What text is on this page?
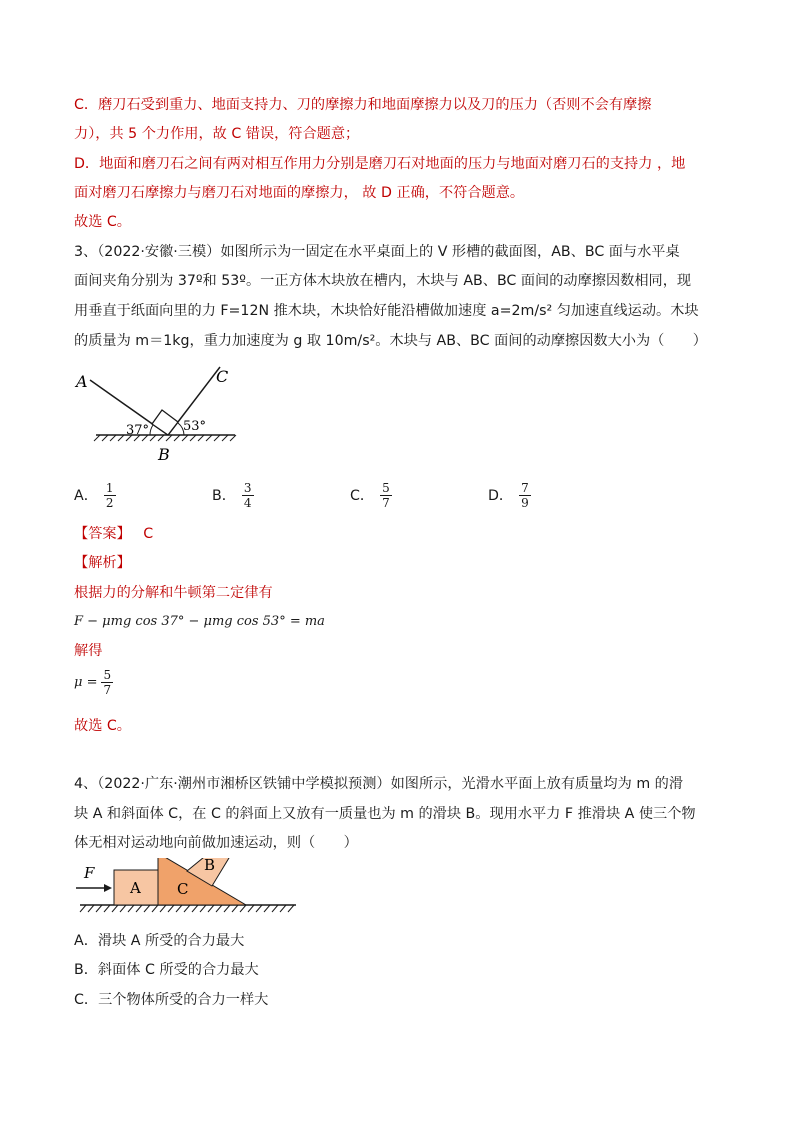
C．磨刀石受到重力、地面支持力、刀的摩擦力和地面摩擦力以及刀的压力（否则不会有摩擦
力），共 5 个力作用，故 C 错误，符合题意；
D．地面和磨刀石之间有两对相互作用力分别是磨刀石对地面的压力与地面对磨刀石的支持力 ，地
面对磨刀石摩擦力与磨刀石对地面的摩擦力， 故 D 正确，不符合题意。
故选 C。
3、（2022·安徽·三模）如图所示为一固定在水平桌面上的 V 形槽的截面图，AB、BC 面与水平桌
面间夹角分别为 37º和 53º。一正方体木块放在槽内，木块与 AB、BC 面间的动摩擦因数相同，现
用垂直于纸面向里的力 F=12N 推木块，木块恰好能沿槽做加速度 a=2m/s² 匀加速直线运动。木块
的质量为 m＝1kg，重力加速度为 g 取 10m/s²。木块与 AB、BC 面间的动摩擦因数大小为（　　）
A	C
B
37°	53°
A． $\frac{1}{2}$	B． $\frac{3}{4}$	C． $\frac{5}{7}$	D． $\frac{7}{9}$
【答案】 C
【解析】
根据力的分解和牛顿第二定律有
F − μmg cos 37° − μmg cos 53° = ma
解得
$\mu = \frac{5}{7}$
故选 C。
4、（2022·广东·潮州市湘桥区铁铺中学模拟预测）如图所示，光滑水平面上放有质量均为 m 的滑
块 A 和斜面体 C，在 C 的斜面上又放有一质量也为 m 的滑块 B。现用水平力 F 推滑块 A 使三个物
体无相对运动地向前做加速运动，则（　　）
F
A C
B
A．滑块 A 所受的合力最大
B．斜面体 C 所受的合力最大
C．三个物体所受的合力一样大
